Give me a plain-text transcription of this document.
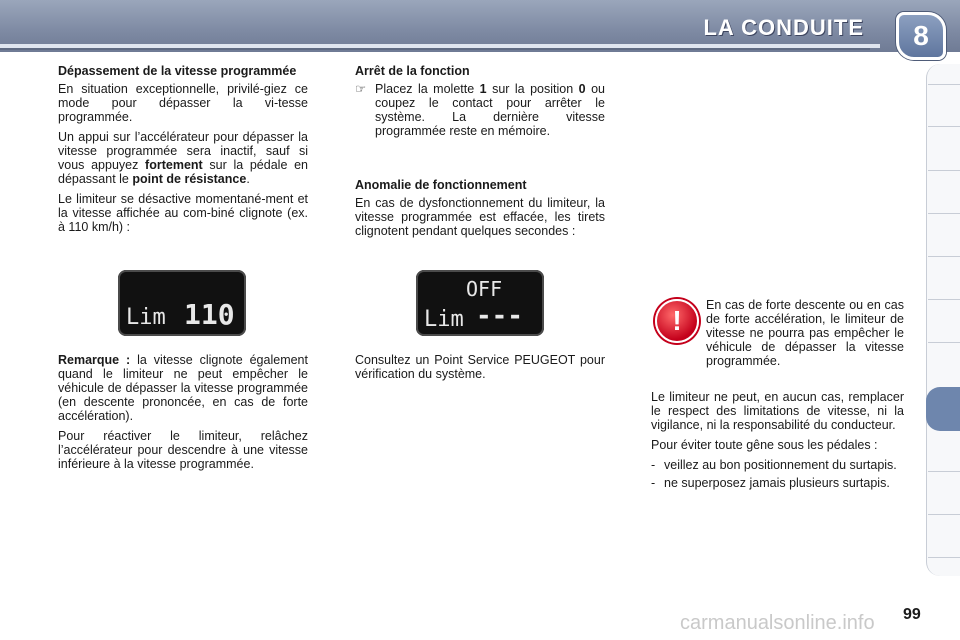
LA CONDUITE	8

Dépassement de la vitesse programmée

En situation exceptionnelle, privilé-giez ce mode pour dépasser la vi-tesse programmée.

Un appui sur l’accélérateur pour dépasser la vitesse programmée sera inactif, sauf si vous appuyez fortement sur la pédale en dépassant le point de résistance.

Le limiteur se désactive momentané-ment et la vitesse affichée au com-biné clignote (ex. à 110 km/h) :

Lim 110
OFF
Lim ---

Remarque : la vitesse clignote également quand le limiteur ne peut empêcher le véhicule de dépasser la vitesse programmée (en descente prononcée, en cas de forte accélération).

Pour réactiver le limiteur, relâchez l’accélérateur pour descendre à une vitesse inférieure à la vitesse programmée.

Arrêt de la fonction

☞ Placez la molette 1 sur la position 0 ou coupez le contact pour arrêter le système. La dernière vitesse programmée reste en mémoire.

Anomalie de fonctionnement

En cas de dysfonctionnement du limiteur, la vitesse programmée est effacée, les tirets clignotent pendant quelques secondes :

Consultez un Point Service PEUGEOT pour vérification du système.

!	En cas de forte descente ou en cas de forte accélération, le limiteur de vitesse ne pourra pas empêcher le véhicule de dépasser la vitesse programmée.

Le limiteur ne peut, en aucun cas, remplacer le respect des limitations de vitesse, ni la vigilance, ni la responsabilité du conducteur.

Pour éviter toute gêne sous les pédales :

- veillez au bon positionnement du surtapis.
- ne superposez jamais plusieurs surtapis.
carmanualsonline.info 99
